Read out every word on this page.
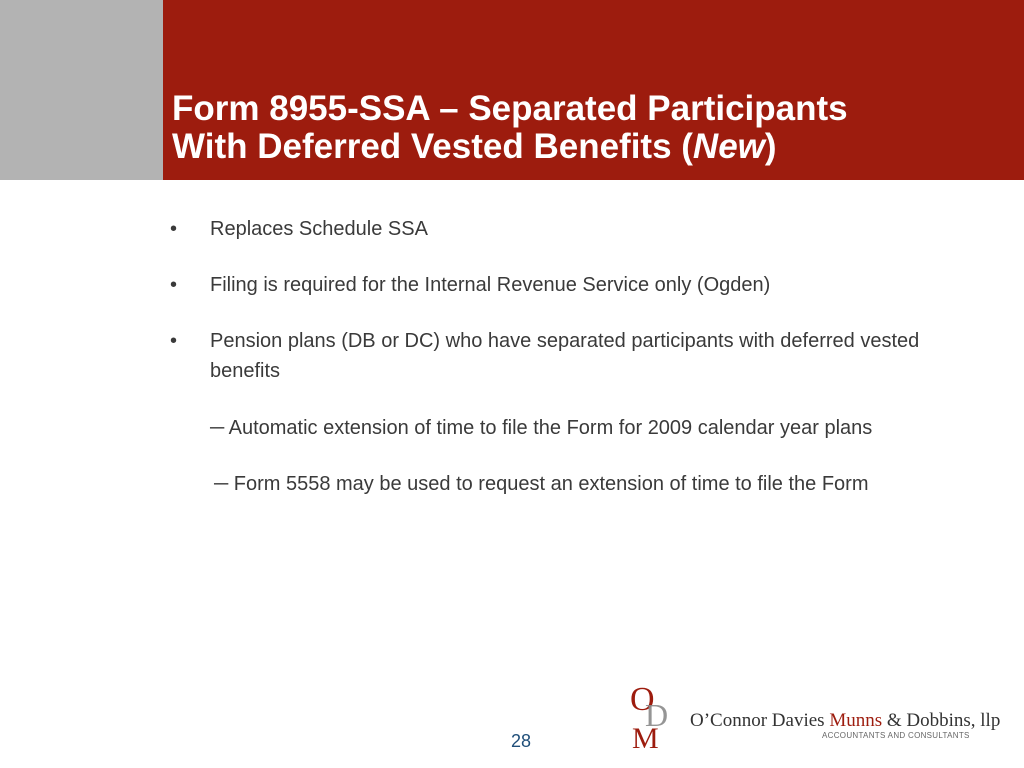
Form 8955-SSA – Separated Participants
With Deferred Vested Benefits (New)
• Replaces Schedule SSA
• Filing is required for the Internal Revenue Service only (Ogden)
• Pension plans (DB or DC) who have separated participants with deferred vested benefits
─ Automatic extension of time to file the Form for 2009 calendar year plans
─ Form 5558 may be used to request an extension of time to file the Form
O
D
M
O’Connor Davies Munns & Dobbins, llp
ACCOUNTANTS AND CONSULTANTS
28
